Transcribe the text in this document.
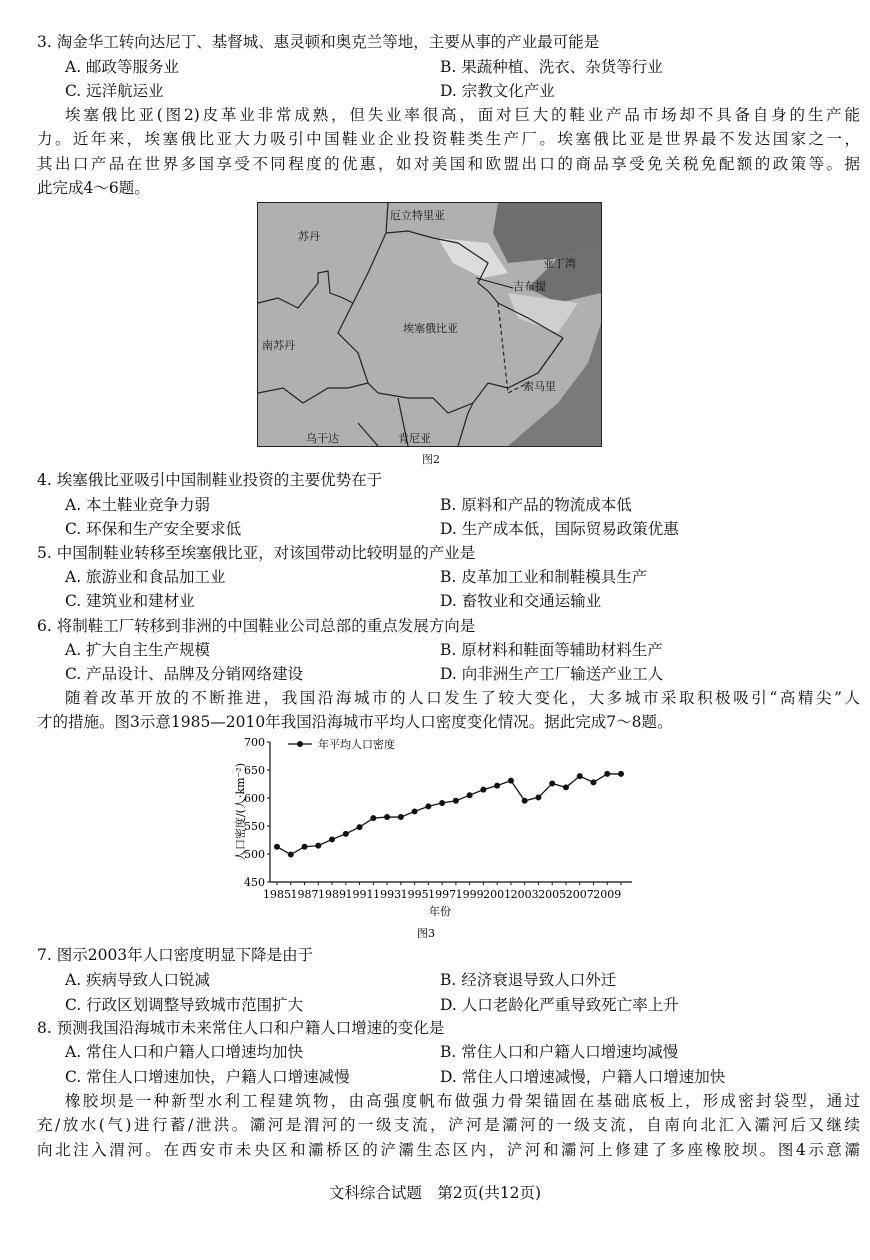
3. 淘金华工转向达尼丁、基督城、惠灵顿和奥克兰等地，主要从事的产业最可能是
A. 邮政等服务业	B. 果蔬种植、洗衣、杂货等行业
C. 远洋航运业	D. 宗教文化产业
埃塞俄比亚(图2)皮革业非常成熟，但失业率很高，面对巨大的鞋业产品市场却不具备自身的生产能
力。近年来，埃塞俄比亚大力吸引中国鞋业企业投资鞋类生产厂。埃塞俄比亚是世界最不发达国家之一，
其出口产品在世界多国享受不同程度的优惠，如对美国和欧盟出口的商品享受免关税免配额的政策等。据
此完成4～6题。
厄立特里亚
苏丹
亚丁湾
吉布提
南苏丹
埃塞俄比亚
索马里
乌干达	肯尼亚
图2
4. 埃塞俄比亚吸引中国制鞋业投资的主要优势在于
A. 本土鞋业竞争力弱	B. 原料和产品的物流成本低
C. 环保和生产安全要求低	D. 生产成本低，国际贸易政策优惠
5. 中国制鞋业转移至埃塞俄比亚，对该国带动比较明显的产业是
A. 旅游业和食品加工业	B. 皮革加工业和制鞋模具生产
C. 建筑业和建材业	D. 畜牧业和交通运输业
6. 将制鞋工厂转移到非洲的中国鞋业公司总部的重点发展方向是
A. 扩大自主生产规模	B. 原材料和鞋面等辅助材料生产
C. 产品设计、品牌及分销网络建设	D. 向非洲生产工厂输送产业工人
随着改革开放的不断推进，我国沿海城市的人口发生了较大变化，大多城市采取积极吸引“高精尖”人
才的措施。图3示意1985—2010年我国沿海城市平均人口密度变化情况。据此完成7～8题。
450
500
550
600
650
700
1985 1987 1989 1991 1993 1995 1997 1999 2001 2003 2005 2007 2009
人口密度/(人·km⁻²)
年份
图3
年平均人口密度
7. 图示2003年人口密度明显下降是由于
A. 疾病导致人口锐减	B. 经济衰退导致人口外迁
C. 行政区划调整导致城市范围扩大	D. 人口老龄化严重导致死亡率上升
8. 预测我国沿海城市未来常住人口和户籍人口增速的变化是
A. 常住人口和户籍人口增速均加快	B. 常住人口和户籍人口增速均减慢
C. 常住人口增速加快，户籍人口增速减慢	D. 常住人口增速减慢，户籍人口增速加快
橡胶坝是一种新型水利工程建筑物，由高强度帆布做强力骨架锚固在基础底板上，形成密封袋型，通过
充/放水(气)进行蓄/泄洪。灞河是渭河的一级支流，浐河是灞河的一级支流，自南向北汇入灞河后又继续
向北注入渭河。在西安市未央区和灞桥区的浐灞生态区内，浐河和灞河上修建了多座橡胶坝。图4示意灞
文科综合试题　第2页(共12页)
